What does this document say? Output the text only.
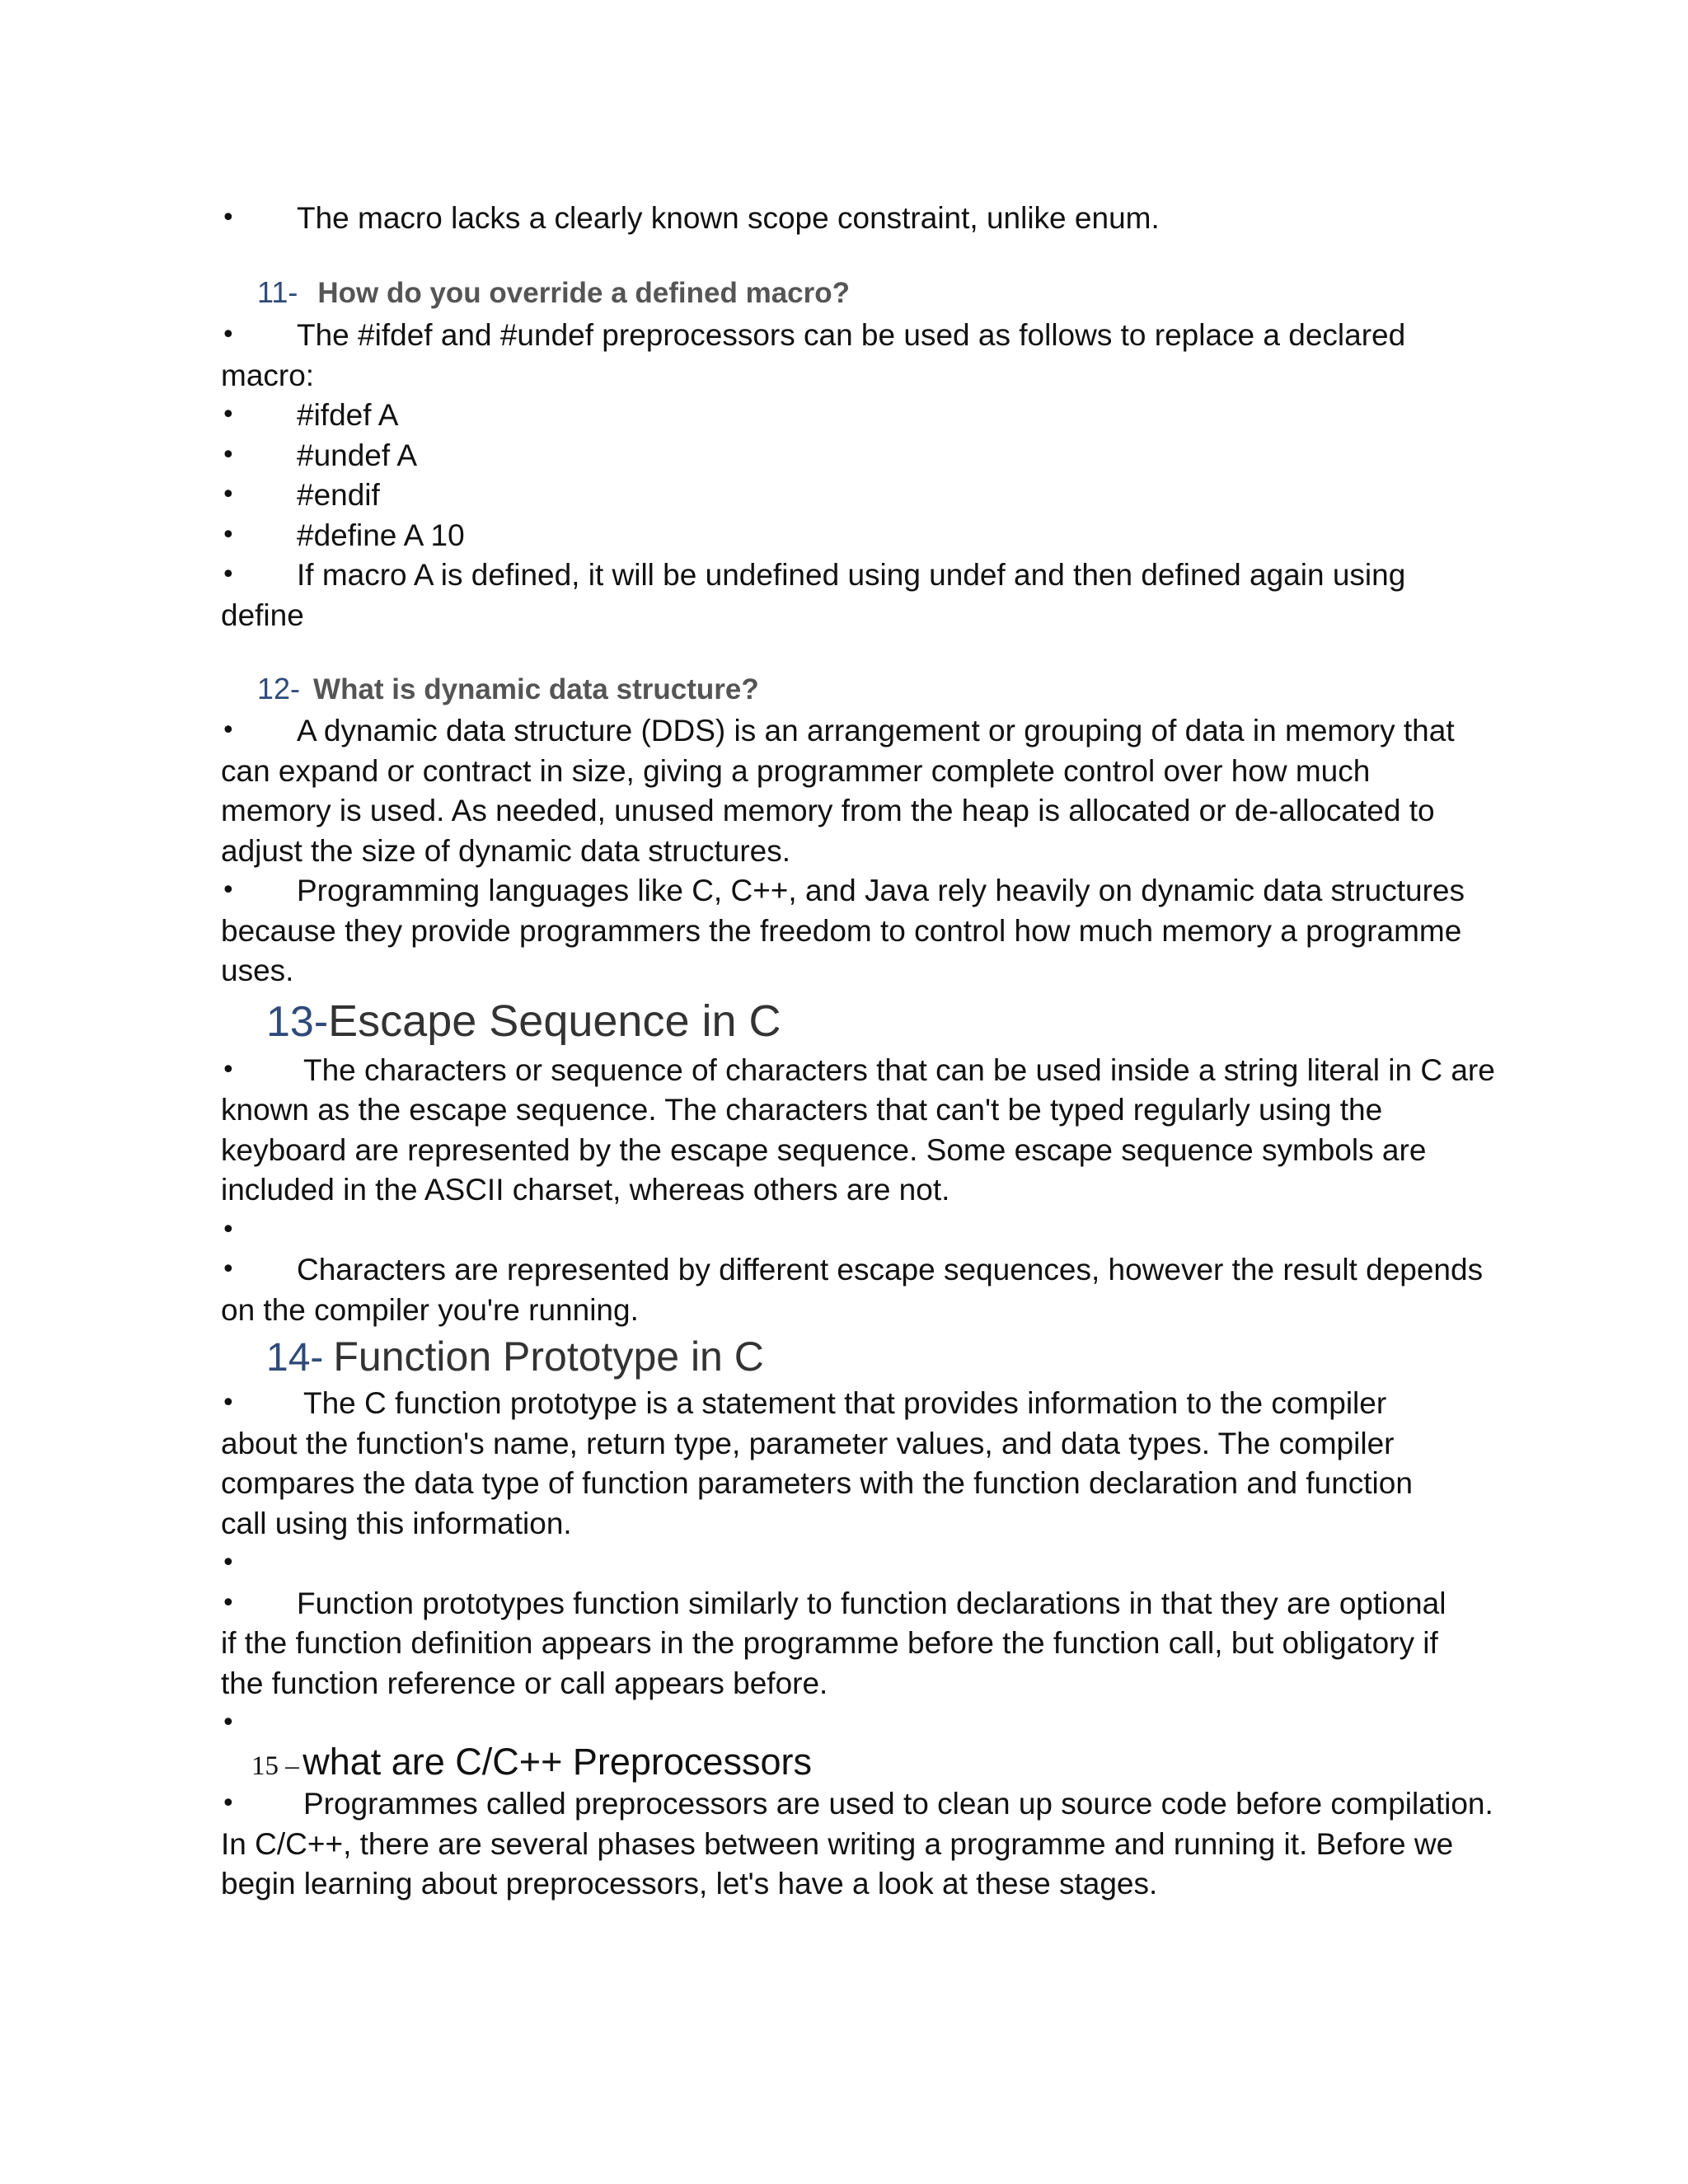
•	The macro lacks a clearly known scope constraint, unlike enum.
11- How do you override a defined macro?
•	The #ifdef and #undef preprocessors can be used as follows to replace a declared
macro:
•	#ifdef A
•	#undef A
•	#endif
•	#define A 10
•	If macro A is defined, it will be undefined using undef and then defined again using
define
12- What is dynamic data structure?
•	A dynamic data structure (DDS) is an arrangement or grouping of data in memory that
can expand or contract in size, giving a programmer complete control over how much
memory is used. As needed, unused memory from the heap is allocated or de-allocated to
adjust the size of dynamic data structures.
•	Programming languages like C, C++, and Java rely heavily on dynamic data structures
because they provide programmers the freedom to control how much memory a programme
uses.
13-Escape Sequence in C
•	The characters or sequence of characters that can be used inside a string literal in C are
known as the escape sequence. The characters that can't be typed regularly using the
keyboard are represented by the escape sequence. Some escape sequence symbols are
included in the ASCII charset, whereas others are not.
•
•	Characters are represented by different escape sequences, however the result depends
on the compiler you're running.
14- Function Prototype in C
•	The C function prototype is a statement that provides information to the compiler
about the function's name, return type, parameter values, and data types. The compiler
compares the data type of function parameters with the function declaration and function
call using this information.
•
•	Function prototypes function similarly to function declarations in that they are optional
if the function definition appears in the programme before the function call, but obligatory if
the function reference or call appears before.
•
15 – what are C/C++ Preprocessors
•	Programmes called preprocessors are used to clean up source code before compilation.
In C/C++, there are several phases between writing a programme and running it. Before we
begin learning about preprocessors, let's have a look at these stages.
